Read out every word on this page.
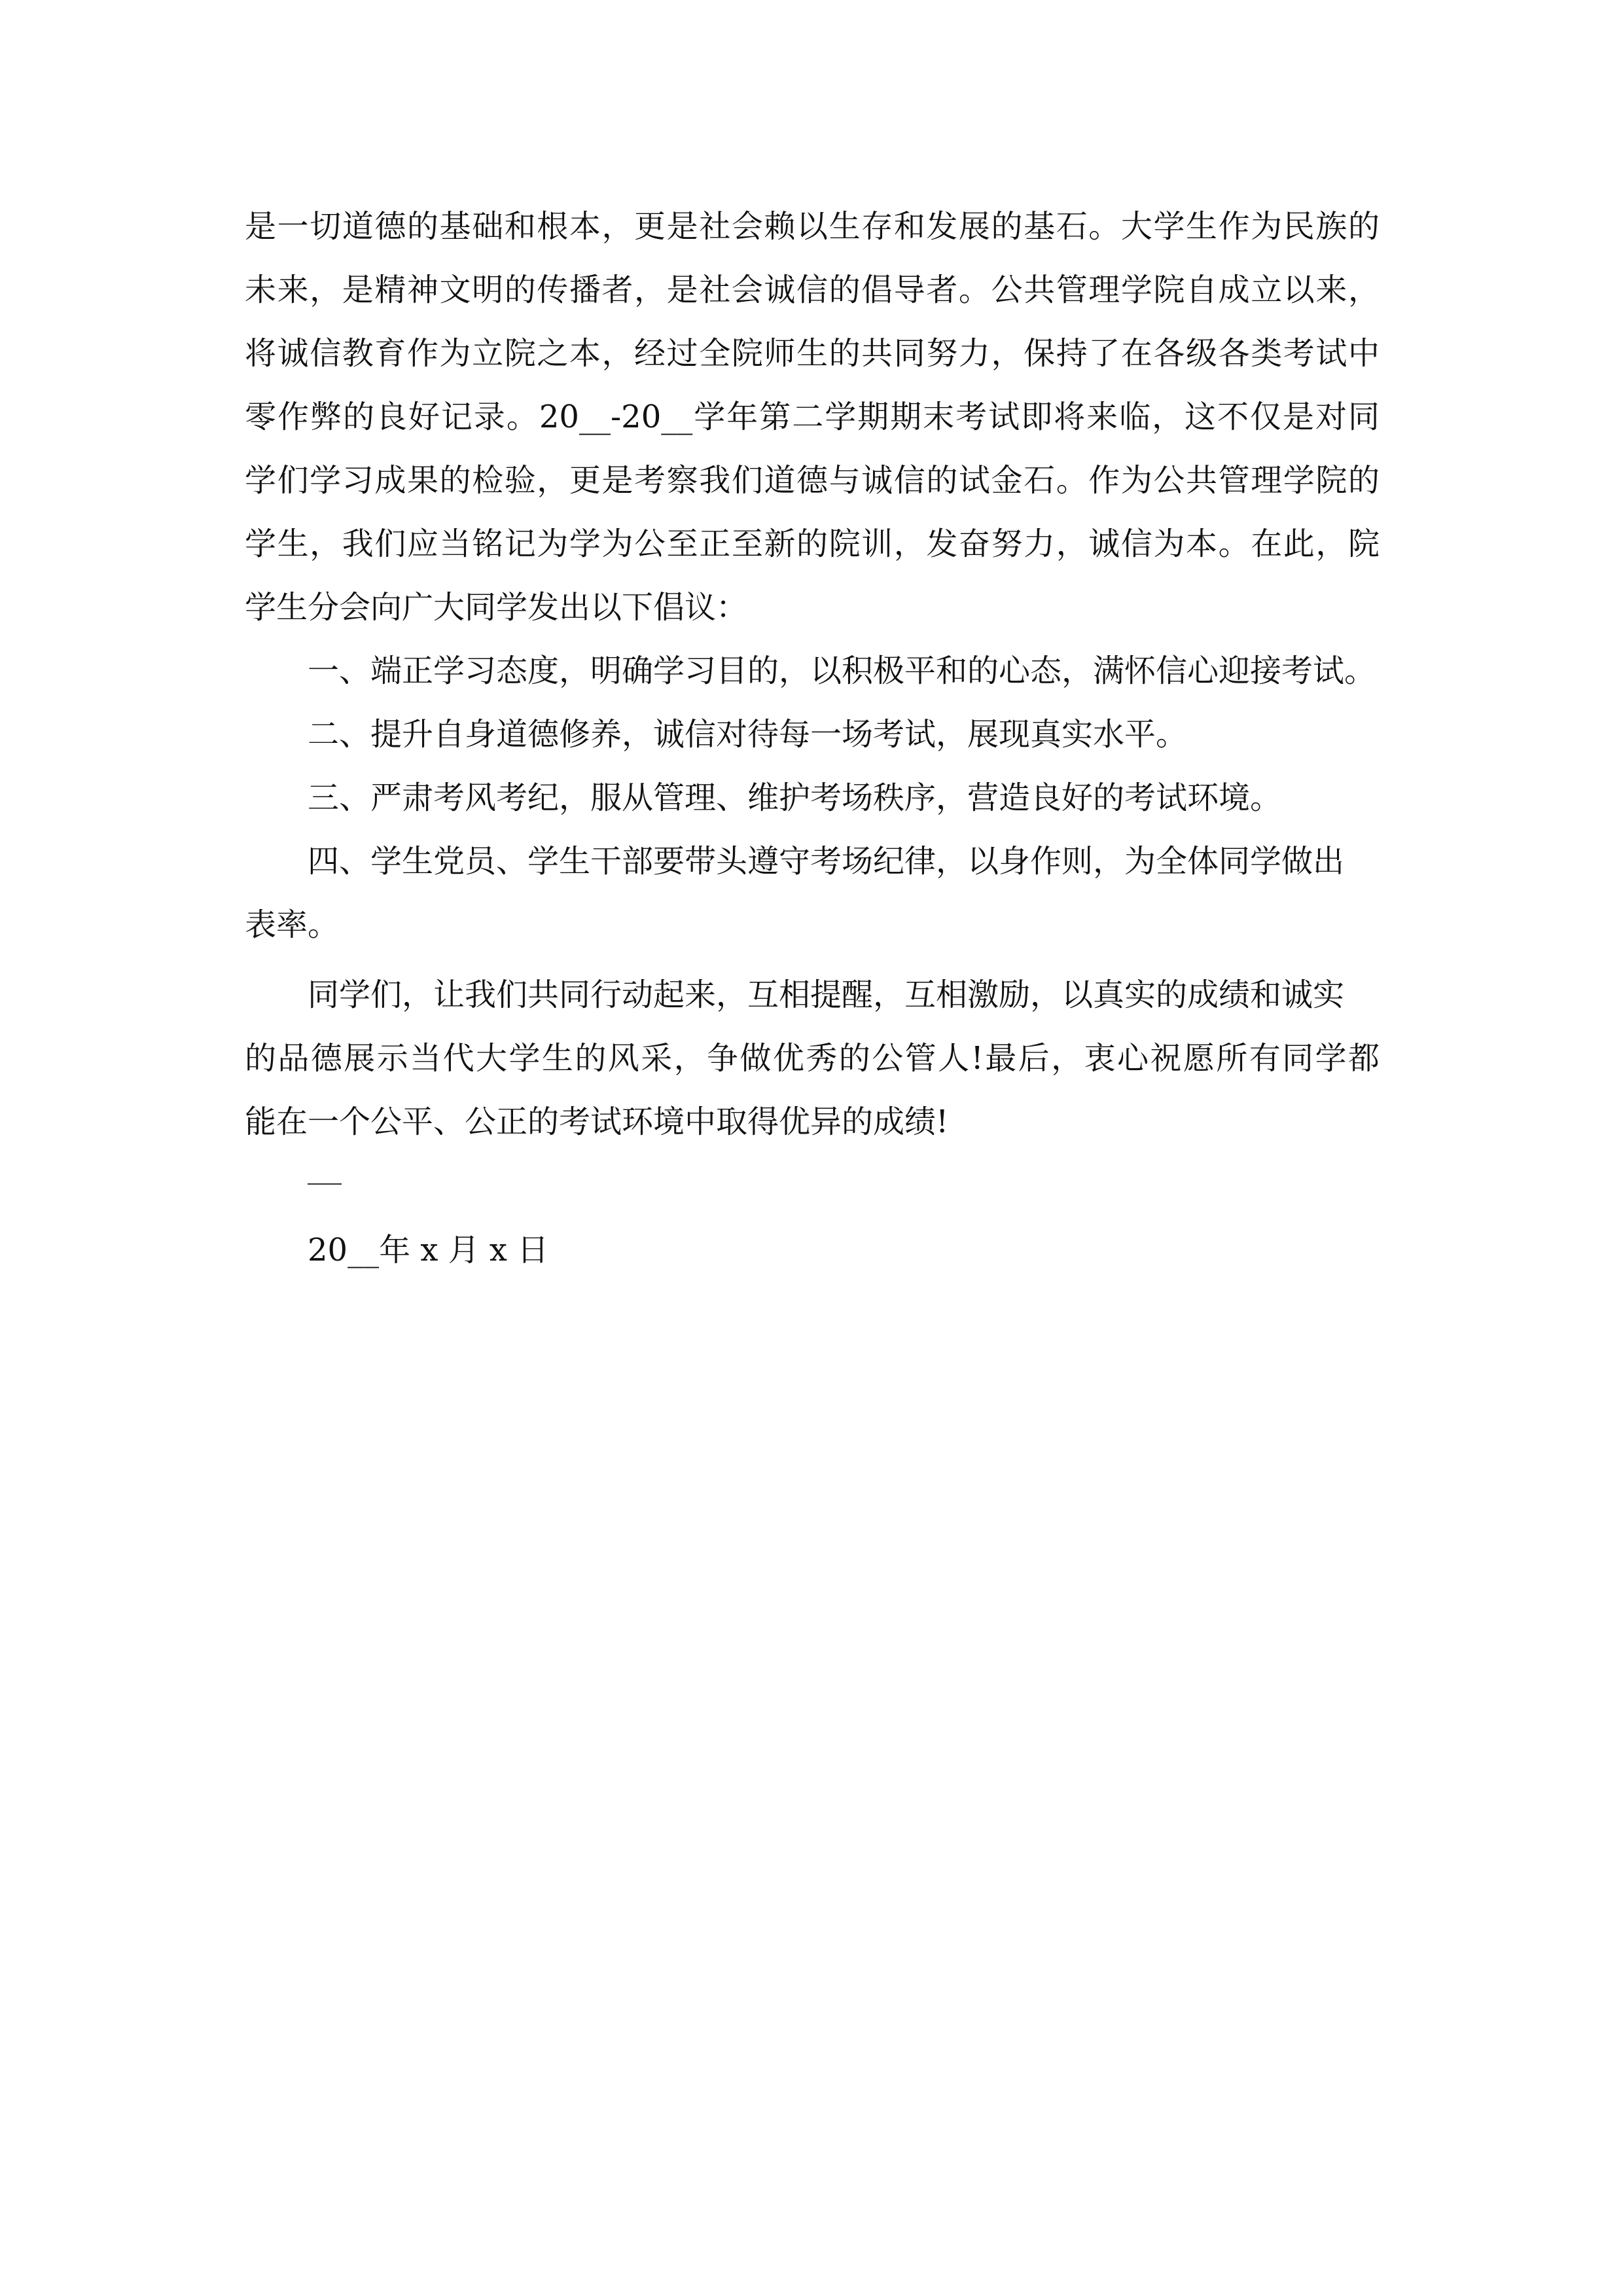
是一切道德的基础和根本，更是社会赖以生存和发展的基石。大学生作为民族的
未来，是精神文明的传播者，是社会诚信的倡导者。公共管理学院自成立以来，
将诚信教育作为立院之本，经过全院师生的共同努力，保持了在各级各类考试中
零作弊的良好记录。20__-20__学年第二学期期末考试即将来临，这不仅是对同
学们学习成果的检验，更是考察我们道德与诚信的试金石。作为公共管理学院的
学生，我们应当铭记为学为公至正至新的院训，发奋努力，诚信为本。在此，院
学生分会向广大同学发出以下倡议：
一、端正学习态度，明确学习目的，以积极平和的心态，满怀信心迎接考试。
二、提升自身道德修养，诚信对待每一场考试，展现真实水平。
三、严肃考风考纪，服从管理、维护考场秩序，营造良好的考试环境。
四、学生党员、学生干部要带头遵守考场纪律，以身作则，为全体同学做出
表率。
同学们，让我们共同行动起来，互相提醒，互相激励，以真实的成绩和诚实
的品德展示当代大学生的风采，争做优秀的公管人!最后，衷心祝愿所有同学都
能在一个公平、公正的考试环境中取得优异的成绩!
20__年 x 月 x 日
